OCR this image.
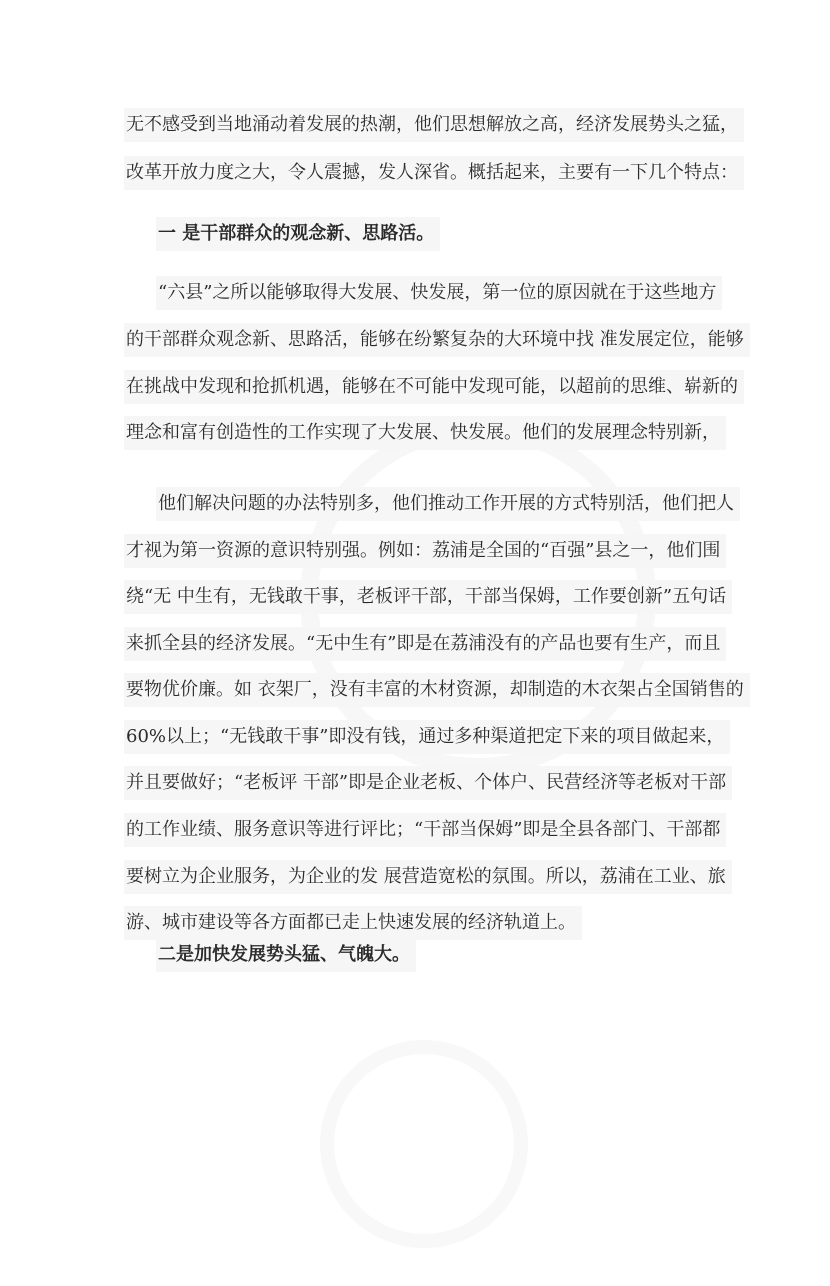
无不感受到当地涌动着发展的热潮，他们思想解放之高，经济发展势头之猛，
改革开放力度之大，令人震撼，发人深省。概括起来，主要有一下几个特点：
一 是干部群众的观念新、思路活。
“六县”之所以能够取得大发展、快发展，第一位的原因就在于这些地方
的干部群众观念新、思路活，能够在纷繁复杂的大环境中找 准发展定位，能够
在挑战中发现和抢抓机遇，能够在不可能中发现可能，以超前的思维、崭新的
理念和富有创造性的工作实现了大发展、快发展。他们的发展理念特别新，
他们解决问题的办法特别多，他们推动工作开展的方式特别活，他们把人
才视为第一资源的意识特别强。例如：荔浦是全国的“百强”县之一，他们围
绕“无 中生有，无钱敢干事，老板评干部，干部当保姆，工作要创新”五句话
来抓全县的经济发展。“无中生有”即是在荔浦没有的产品也要有生产，而且
要物优价廉。如 衣架厂，没有丰富的木材资源，却制造的木衣架占全国销售的
60%以上；“无钱敢干事”即没有钱，通过多种渠道把定下来的项目做起来，
并且要做好；“老板评 干部”即是企业老板、个体户、民营经济等老板对干部
的工作业绩、服务意识等进行评比；“干部当保姆”即是全县各部门、干部都
要树立为企业服务，为企业的发 展营造宽松的氛围。所以，荔浦在工业、旅
游、城市建设等各方面都已走上快速发展的经济轨道上。
二是加快发展势头猛、气魄大。
